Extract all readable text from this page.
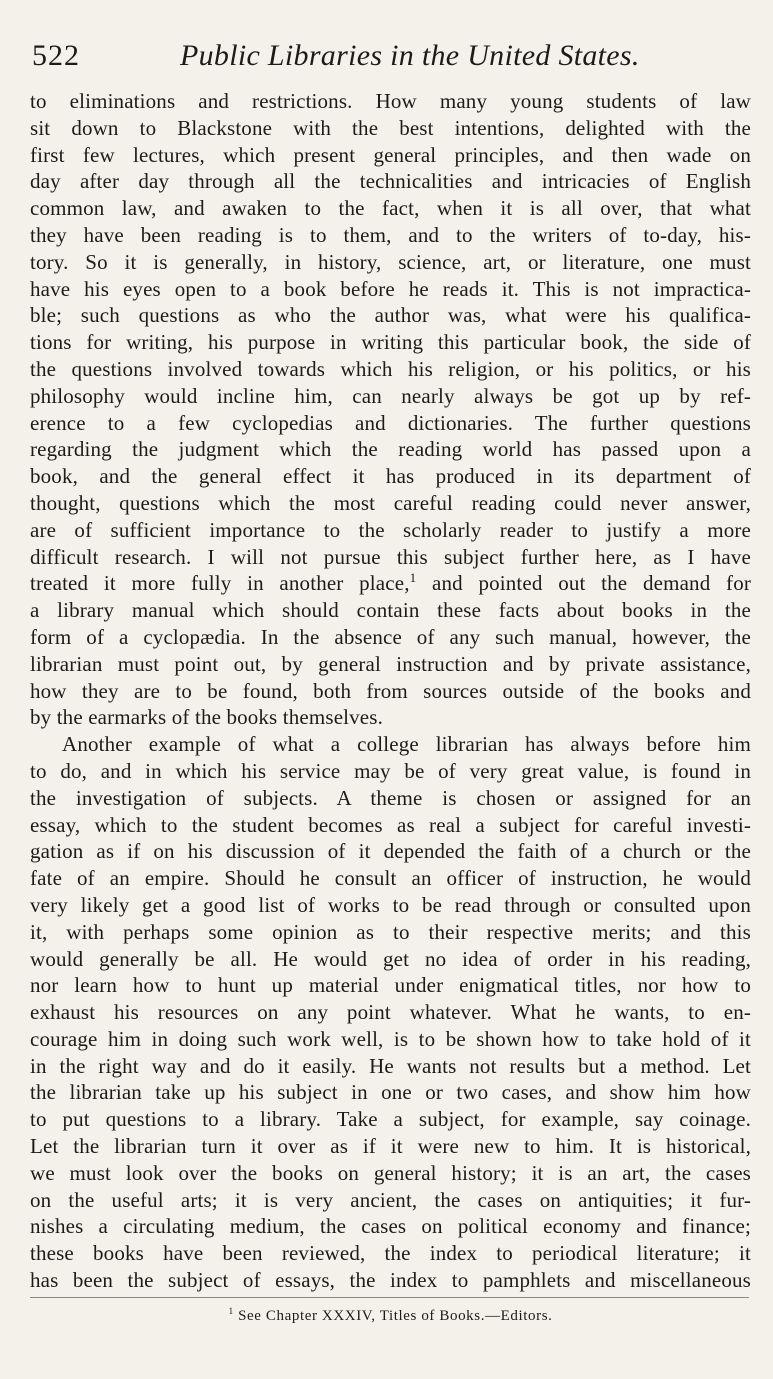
522	Public Libraries in the United States.
to eliminations and restrictions. How many young students of law
sit down to Blackstone with the best intentions, delighted with the
first few lectures, which present general principles, and then wade on
day after day through all the technicalities and intricacies of English
common law, and awaken to the fact, when it is all over, that what
they have been reading is to them, and to the writers of to-day, his-
tory. So it is generally, in history, science, art, or literature, one must
have his eyes open to a book before he reads it. This is not impractica-
ble; such questions as who the author was, what were his qualifica-
tions for writing, his purpose in writing this particular book, the side of
the questions involved towards which his religion, or his politics, or his
philosophy would incline him, can nearly always be got up by ref-
erence to a few cyclopedias and dictionaries. The further questions
regarding the judgment which the reading world has passed upon a
book, and the general effect it has produced in its department of
thought, questions which the most careful reading could never answer,
are of sufficient importance to the scholarly reader to justify a more
difficult research. I will not pursue this subject further here, as I have
treated it more fully in another place,$^1$ and pointed out the demand for
a library manual which should contain these facts about books in the
form of a cyclopædia. In the absence of any such manual, however, the
librarian must point out, by general instruction and by private assistance,
how they are to be found, both from sources outside of the books and
by the earmarks of the books themselves.
Another example of what a college librarian has always before him
to do, and in which his service may be of very great value, is found in
the investigation of subjects. A theme is chosen or assigned for an
essay, which to the student becomes as real a subject for careful investi-
gation as if on his discussion of it depended the faith of a church or the
fate of an empire. Should he consult an officer of instruction, he would
very likely get a good list of works to be read through or consulted upon
it, with perhaps some opinion as to their respective merits; and this
would generally be all. He would get no idea of order in his reading,
nor learn how to hunt up material under enigmatical titles, nor how to
exhaust his resources on any point whatever. What he wants, to en-
courage him in doing such work well, is to be shown how to take hold of it
in the right way and do it easily. He wants not results but a method. Let
the librarian take up his subject in one or two cases, and show him how
to put questions to a library. Take a subject, for example, say coinage.
Let the librarian turn it over as if it were new to him. It is historical,
we must look over the books on general history; it is an art, the cases
on the useful arts; it is very ancient, the cases on antiquities; it fur-
nishes a circulating medium, the cases on political economy and finance;
these books have been reviewed, the index to periodical literature; it
has been the subject of essays, the index to pamphlets and miscellaneous
$^1$ See Chapter XXXIV, Titles of Books.—Editors.
